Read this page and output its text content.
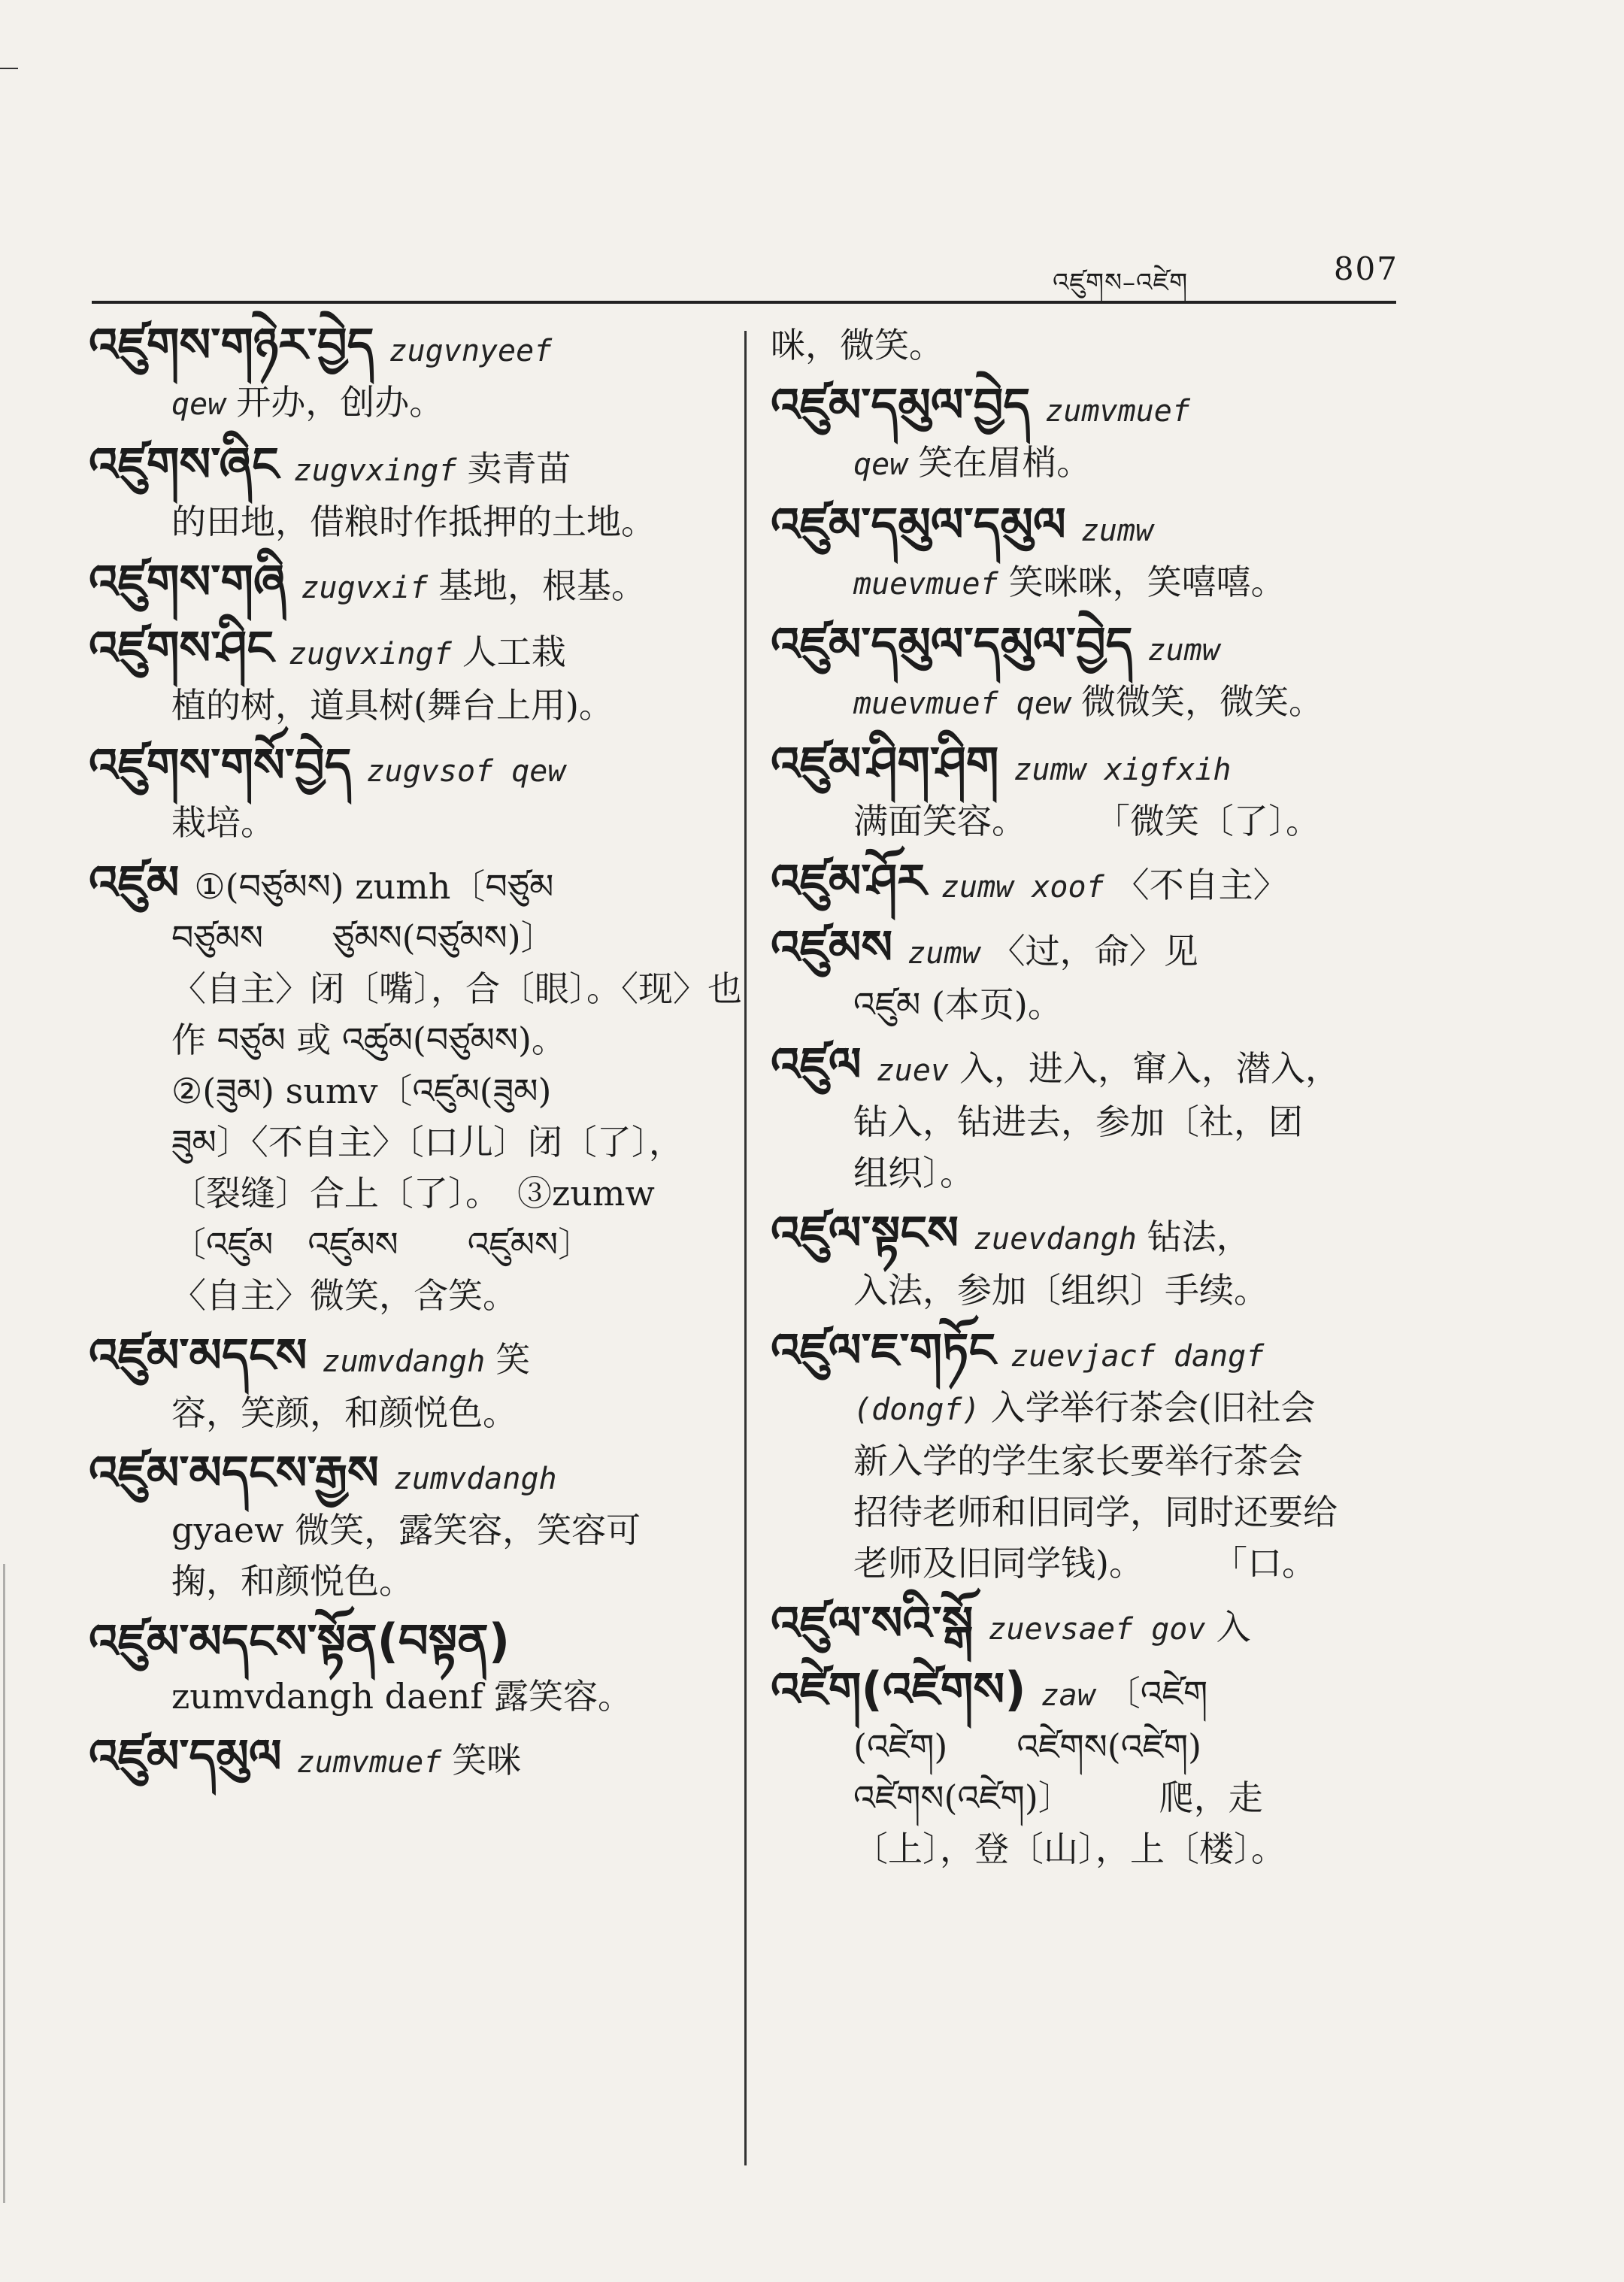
འཛུགས–འཛེག	807
འཛུགས་གཉེར་བྱེད zugvnyeef
qew 开办，创办。
འཛུགས་ཞིང zugvxingf 卖青苗
的田地，借粮时作抵押的土地。
འཛུགས་གཞི zugvxif 基地，根基。
འཛུགས་ཤིང zugvxingf 人工栽
植的树，道具树(舞台上用)。
འཛུགས་གསོ་བྱེད zugvsof qew
栽培。
འཛུམ ①(བཙུམས) zumh〔བཙུམ
བཙུམས　　ཙུམས(བཙུམས)〕
〈自主〉闭〔嘴〕，合〔眼〕。〈现〉也
作 བཙུམ 或 འཚུམ(བཙུམས)。
②(ཟུམ) sumv〔འཛུམ(ཟུམ)
ཟུམ〕〈不自主〉〔口儿〕闭〔了〕，
〔裂缝〕合上〔了〕。　③zumw
〔འཛུམ　འཛུམས　　འཛུམས〕
〈自主〉微笑，含笑。
འཛུམ་མདངས zumvdangh 笑
容，笑颜，和颜悦色。
འཛུམ་མདངས་རྒྱས zumvdangh
gyaew 微笑，露笑容，笑容可
掬，和颜悦色。
འཛུམ་མདངས་སྟོན(བསྟན)
zumvdangh daenf 露笑容。
འཛུམ་དམུལ zumvmuef 笑咪
咪，微笑。
འཛུམ་དམུལ་བྱེད zumvmuef
qew 笑在眉梢。
འཛུམ་དམུལ་དམུལ zumw
muevmuef 笑咪咪，笑嘻嘻。
འཛུམ་དམུལ་དམུལ་བྱེད zumw
muevmuef qew 微微笑，微笑。
འཛུམ་ཤིག་ཤིག zumw xigfxih
满面笑容。　　　「微笑〔了〕。
འཛུམ་ཤོར zumw xoof 〈不自主〉
འཛུམས zumw 〈过，命〉见
འཛུམ (本页)。
འཛུལ zuev 入，进入，窜入，潜入，
钻入，钻进去，参加〔社，团
组织〕。
འཛུལ་སྟངས zuevdangh 钻法，
入法，参加〔组织〕手续。
འཛུལ་ཇ་གཏོང zuevjacf dangf
(dongf) 入学举行茶会(旧社会
新入学的学生家长要举行茶会
招待老师和旧同学，同时还要给
老师及旧同学钱)。　　　「口。
འཛུལ་སའི་སྒོ zuevsaef gov 入
འཛེག(འཛེགས) zaw 〔འཛེག
(འཛེག)　　འཛེགས(འཛེག)
འཛེགས(འཛེག)〕　　　爬，走
〔上〕，登〔山〕，上〔楼〕。
